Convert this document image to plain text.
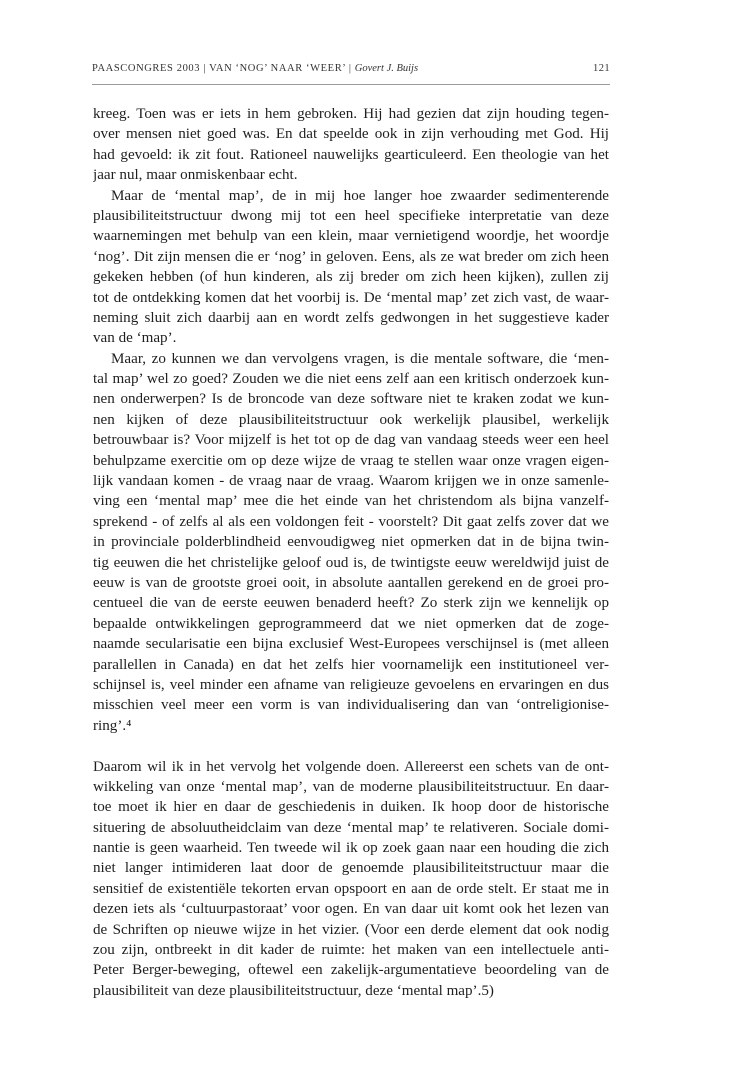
PAASCONGRES 2003 | VAN ‘NOG’ NAAR ‘WEER’ | Govert J. Buijs	121
kreeg. Toen was er iets in hem gebroken. Hij had gezien dat zijn houding tegen-
over mensen niet goed was. En dat speelde ook in zijn verhouding met God. Hij
had gevoeld: ik zit fout. Rationeel nauwelijks gearticuleerd. Een theologie van het
jaar nul, maar onmiskenbaar echt.
Maar de ‘mental map’, de in mij hoe langer hoe zwaarder sedimenterende
plausibiliteitstructuur dwong mij tot een heel specifieke interpretatie van deze
waarnemingen met behulp van een klein, maar vernietigend woordje, het woordje
‘nog’. Dit zijn mensen die er ‘nog’ in geloven. Eens, als ze wat breder om zich heen
gekeken hebben (of hun kinderen, als zij breder om zich heen kijken), zullen zij
tot de ontdekking komen dat het voorbij is. De ‘mental map’ zet zich vast, de waar-
neming sluit zich daarbij aan en wordt zelfs gedwongen in het suggestieve kader
van de ‘map’.
Maar, zo kunnen we dan vervolgens vragen, is die mentale software, die ‘men-
tal map’ wel zo goed? Zouden we die niet eens zelf aan een kritisch onderzoek kun-
nen onderwerpen? Is de broncode van deze software niet te kraken zodat we kun-
nen kijken of deze plausibiliteitstructuur ook werkelijk plausibel, werkelijk
betrouwbaar is? Voor mijzelf is het tot op de dag van vandaag steeds weer een heel
behulpzame exercitie om op deze wijze de vraag te stellen waar onze vragen eigen-
lijk vandaan komen - de vraag naar de vraag. Waarom krijgen we in onze samenle-
ving een ‘mental map’ mee die het einde van het christendom als bijna vanzelf-
sprekend - of zelfs al als een voldongen feit - voorstelt? Dit gaat zelfs zover dat we
in provinciale polderblindheid eenvoudigweg niet opmerken dat in de bijna twin-
tig eeuwen die het christelijke geloof oud is, de twintigste eeuw wereldwijd juist de
eeuw is van de grootste groei ooit, in absolute aantallen gerekend en de groei pro-
centueel die van de eerste eeuwen benaderd heeft? Zo sterk zijn we kennelijk op
bepaalde ontwikkelingen geprogrammeerd dat we niet opmerken dat de zoge-
naamde secularisatie een bijna exclusief West-Europees verschijnsel is (met alleen
parallellen in Canada) en dat het zelfs hier voornamelijk een institutioneel ver-
schijnsel is, veel minder een afname van religieuze gevoelens en ervaringen en dus
misschien veel meer een vorm is van individualisering dan van ‘ontreligionise-
ring’.⁴
Daarom wil ik in het vervolg het volgende doen. Allereerst een schets van de ont-
wikkeling van onze ‘mental map’, van de moderne plausibiliteitstructuur. En daar-
toe moet ik hier en daar de geschiedenis in duiken. Ik hoop door de historische
situering de absoluutheidclaim van deze ‘mental map’ te relativeren. Sociale domi-
nantie is geen waarheid. Ten tweede wil ik op zoek gaan naar een houding die zich
niet langer intimideren laat door de genoemde plausibiliteitstructuur maar die
sensitief de existentiële tekorten ervan opspoort en aan de orde stelt. Er staat me in
dezen iets als ‘cultuurpastoraat’ voor ogen. En van daar uit komt ook het lezen van
de Schriften op nieuwe wijze in het vizier. (Voor een derde element dat ook nodig
zou zijn, ontbreekt in dit kader de ruimte: het maken van een intellectuele anti-
Peter Berger-beweging, oftewel een zakelijk-argumentatieve beoordeling van de
plausibiliteit van deze plausibiliteitstructuur, deze ‘mental map’.5)
